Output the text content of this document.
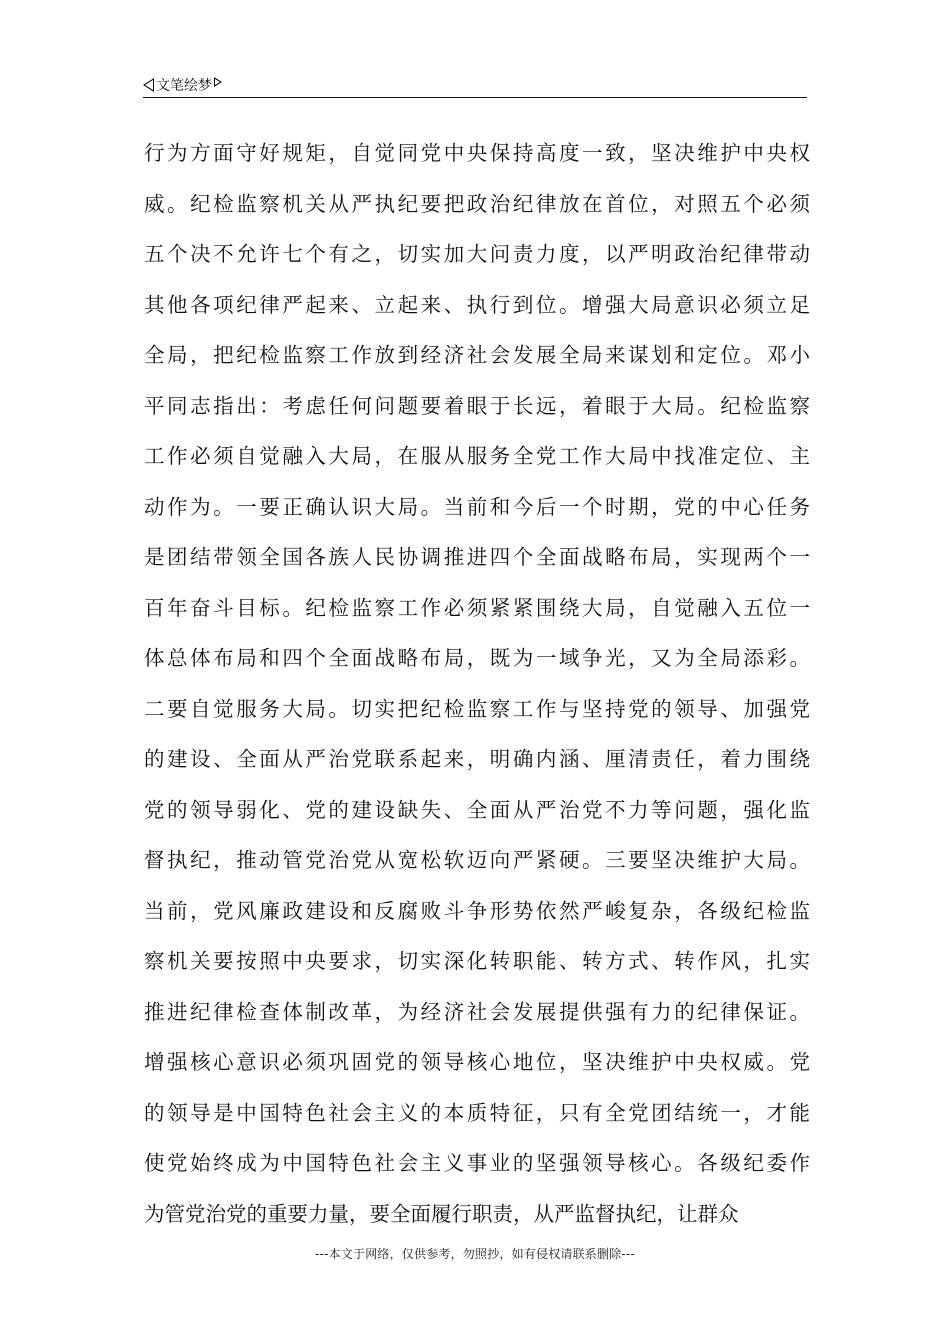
文笔绘梦
行为方面守好规矩，自觉同党中央保持高度一致，坚决维护中央权
威。纪检监察机关从严执纪要把政治纪律放在首位，对照五个必须
五个决不允许七个有之，切实加大问责力度，以严明政治纪律带动
其他各项纪律严起来、立起来、执行到位。增强大局意识必须立足
全局，把纪检监察工作放到经济社会发展全局来谋划和定位。邓小
平同志指出：考虑任何问题要着眼于长远，着眼于大局。纪检监察
工作必须自觉融入大局，在服从服务全党工作大局中找准定位、主
动作为。一要正确认识大局。当前和今后一个时期，党的中心任务
是团结带领全国各族人民协调推进四个全面战略布局，实现两个一
百年奋斗目标。纪检监察工作必须紧紧围绕大局，自觉融入五位一
体总体布局和四个全面战略布局，既为一域争光，又为全局添彩。
二要自觉服务大局。切实把纪检监察工作与坚持党的领导、加强党
的建设、全面从严治党联系起来，明确内涵、厘清责任，着力围绕
党的领导弱化、党的建设缺失、全面从严治党不力等问题，强化监
督执纪，推动管党治党从宽松软迈向严紧硬。三要坚决维护大局。
当前，党风廉政建设和反腐败斗争形势依然严峻复杂，各级纪检监
察机关要按照中央要求，切实深化转职能、转方式、转作风，扎实
推进纪律检查体制改革，为经济社会发展提供强有力的纪律保证。
增强核心意识必须巩固党的领导核心地位，坚决维护中央权威。党
的领导是中国特色社会主义的本质特征，只有全党团结统一，才能
使党始终成为中国特色社会主义事业的坚强领导核心。各级纪委作
为管党治党的重要力量，要全面履行职责，从严监督执纪，让群众
---本文于网络，仅供参考，勿照抄，如有侵权请联系删除---
